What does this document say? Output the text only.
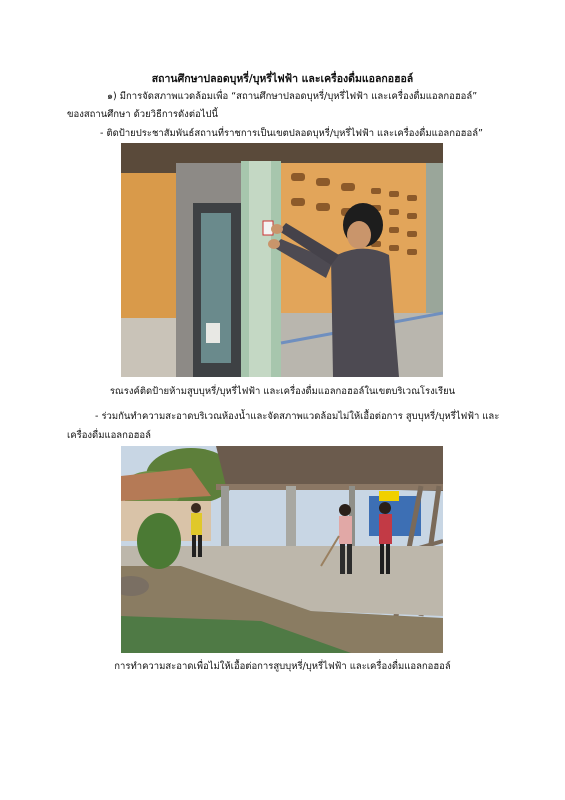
สถานศึกษาปลอดบุหรี่/บุหรี่ไฟฟ้า และเครื่องดื่มแอลกอฮอล์
๑) มีการจัดสภาพแวดล้อมเพื่อ “สถานศึกษาปลอดบุหรี่/บุหรี่ไฟฟ้า และเครื่องดื่มแอลกอฮอล์”
ของสถานศึกษา ด้วยวิธีการดังต่อไปนี้
- ติดป้ายประชาสัมพันธ์สถานที่ราชการเป็นเขตปลอดบุหรี่/บุหรี่ไฟฟ้า และเครื่องดื่มแอลกอฮอล์”
รณรงค์ติดป้ายห้ามสูบบุหรี่/บุหรี่ไฟฟ้า และเครื่องดื่มแอลกอฮอล์ในเขตบริเวณโรงเรียน
- ร่วมกันทำความสะอาดบริเวณห้องน้ำและจัดสภาพแวดล้อมไม่ให้เอื้อต่อการ สูบบุหรี่/บุหรี่ไฟฟ้า และ
เครื่องดื่มแอลกอฮอล์
การทำความสะอาดเพื่อไม่ให้เอื้อต่อการสูบบุหรี่/บุหรี่ไฟฟ้า และเครื่องดื่มแอลกอฮอล์
